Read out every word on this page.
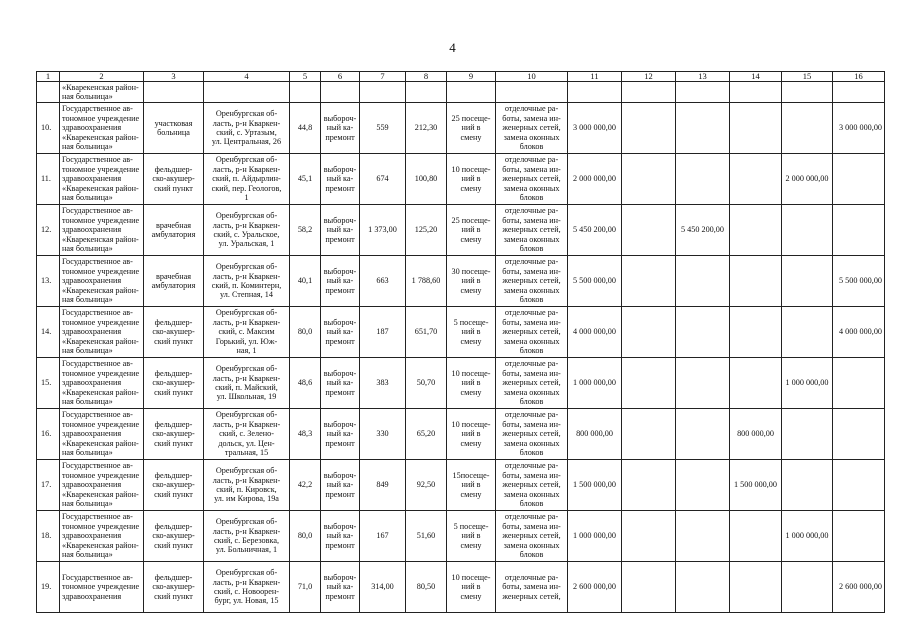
4
1	2	3	4	5	6	7	8	9	10	11	12	13	14	15	16
	«Кварекенская район-
ная больница»														
10.	Государственное ав-
тономное учреждение
здравоохранения
«Кварекенская район-
ная больница»	участковая
больница	Оренбургская об-
ласть, р-н Кваркен-
ский, с. Уртазым,
ул. Центральная, 26	44,8	выбороч-
ный ка-
премонт	559	212,30	25 посеще-
ний в
смену	отделочные ра-
боты, замена ин-
женерных сетей,
замена оконных
блоков	3 000 000,00					3 000 000,00
11.	Государственное ав-
тономное учреждение
здравоохранения
«Кварекенская район-
ная больница»	фельдшер-
ско-акушер-
ский пункт	Оренбургская об-
ласть, р-н Кваркен-
ский, п. Айдырлин-
ский, пер. Геологов,
1	45,1	выбороч-
ный ка-
премонт	674	100,80	10 посеще-
ний в
смену	отделочные ра-
боты, замена ин-
женерных сетей,
замена оконных
блоков	2 000 000,00				2 000 000,00	
12.	Государственное ав-
тономное учреждение
здравоохранения
«Кварекенская район-
ная больница»	врачебная
амбулатория	Оренбургская об-
ласть, р-н Кваркен-
ский, с. Уральское,
ул. Уральская, 1	58,2	выбороч-
ный ка-
премонт	1 373,00	125,20	25 посеще-
ний в
смену	отделочные ра-
боты, замена ин-
женерных сетей,
замена оконных
блоков	5 450 200,00		5 450 200,00			
13.	Государственное ав-
тономное учреждение
здравоохранения
«Кварекенская район-
ная больница»	врачебная
амбулатория	Оренбургская об-
ласть, р-н Кваркен-
ский, п. Коминтерн,
ул. Степная, 14	40,1	выбороч-
ный ка-
премонт	663	1 788,60	30 посеще-
ний в
смену	отделочные ра-
боты, замена ин-
женерных сетей,
замена оконных
блоков	5 500 000,00					5 500 000,00
14.	Государственное ав-
тономное учреждение
здравоохранения
«Кварекенская район-
ная больница»	фельдшер-
ско-акушер-
ский пункт	Оренбургская об-
ласть, р-н Кваркен-
ский, с. Максим
Горький, ул. Юж-
ная, 1	80,0	выбороч-
ный ка-
премонт	187	651,70	5 посеще-
ний в
смену	отделочные ра-
боты, замена ин-
женерных сетей,
замена оконных
блоков	4 000 000,00					4 000 000,00
15.	Государственное ав-
тономное учреждение
здравоохранения
«Кварекенская район-
ная больница»	фельдшер-
ско-акушер-
ский пункт	Оренбургская об-
ласть, р-н Кваркен-
ский, п. Майский,
ул. Школьная, 19	48,6	выбороч-
ный ка-
премонт	383	50,70	10 посеще-
ний в
смену	отделочные ра-
боты, замена ин-
женерных сетей,
замена оконных
блоков	1 000 000,00				1 000 000,00	
16.	Государственное ав-
тономное учреждение
здравоохранения
«Кварекенская район-
ная больница»	фельдшер-
ско-акушер-
ский пункт	Оренбургская об-
ласть, р-н Кваркен-
ский, с. Зелено-
дольск, ул. Цен-
тральная, 15	48,3	выбороч-
ный ка-
премонт	330	65,20	10 посеще-
ний в
смену	отделочные ра-
боты, замена ин-
женерных сетей,
замена оконных
блоков	800 000,00			800 000,00		
17.	Государственное ав-
тономное учреждение
здравоохранения
«Кварекенская район-
ная больница»	фельдшер-
ско-акушер-
ский пункт	Оренбургская об-
ласть, р-н Кваркен-
ский, п. Кировск,
ул. им Кирова, 19а	42,2	выбороч-
ный ка-
премонт	849	92,50	15посеще-
ний в
смену	отделочные ра-
боты, замена ин-
женерных сетей,
замена оконных
блоков	1 500 000,00			1 500 000,00		
18.	Государственное ав-
тономное учреждение
здравоохранения
«Кварекенская район-
ная больница»	фельдшер-
ско-акушер-
ский пункт	Оренбургская об-
ласть, р-н Кваркен-
ский, с. Березовка,
ул. Больничная, 1	80,0	выбороч-
ный ка-
премонт	167	51,60	5 посеще-
ний в
смену	отделочные ра-
боты, замена ин-
женерных сетей,
замена оконных
блоков	1 000 000,00				1 000 000,00	
19.	Государственное ав-
тономное учреждение
здравоохранения	фельдшер-
ско-акушер-
ский пункт	Оренбургская об-
ласть, р-н Кваркен-
ский, с. Новоорен-
бург, ул. Новая, 15	71,0	выбороч-
ный ка-
премонт	314,00	80,50	10 посеще-
ний в
смену	отделочные ра-
боты, замена ин-
женерных сетей,	2 600 000,00					2 600 000,00
